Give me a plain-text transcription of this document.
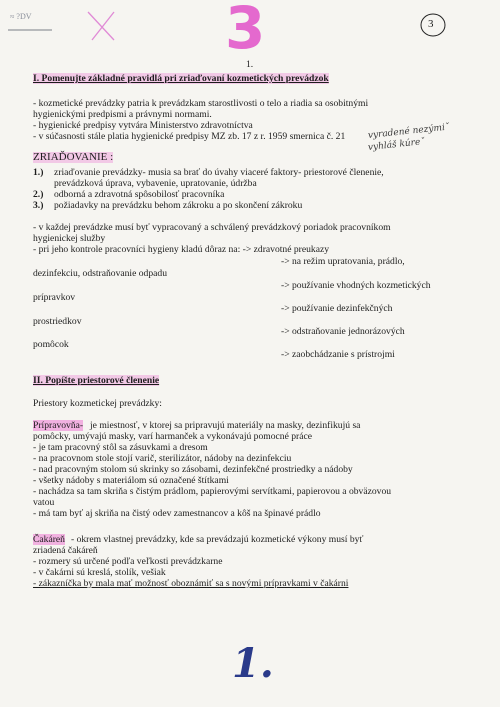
≈ ?DV	3	3
1.
I. Pomenujte základné pravidlá pri zriaďovaní kozmetických prevádzok
- kozmetické prevádzky patria k prevádzkam starostlivosti o telo a riadia sa osobitnými
hygienickými predpismi a právnymi normami.
- hygienické predpisy vytvára Ministerstvo zdravotníctva
- v súčasnosti stále platia hygienické predpisy MZ zb. 17 z r. 1959 smernica č. 21 vyradené nezýmiˇ
vyhláš kúreˇ
ZRIAĎOVANIE :
1.) zriaďovanie prevádzky- musia sa brať do úvahy viaceré faktory- priestorové členenie,
prevádzková úprava, vybavenie, upratovanie, údržba
2.) odborná a zdravotná spôsobilosť pracovníka
3.) požiadavky na prevádzku behom zákroku a po skončení zákroku
- v každej prevádzke musí byť vypracovaný a schválený prevádzkový poriadok pracovníkom
hygienickej služby
- pri jeho kontrole pracovníci hygieny kladú dôraz na: -> zdravotné preukazy
-> na režim upratovania, prádlo,
dezinfekciu, odstraňovanie odpadu
-> používanie vhodných kozmetických
prípravkov
-> používanie dezinfekčných
prostriedkov
-> odstraňovanie jednorázových
pomôcok
-> zaobchádzanie s prístrojmi
II. Popíšte priestorové členenie
Priestory kozmetickej prevádzky:
Prípravovňa- je miestnosť, v ktorej sa pripravujú materiály na masky, dezinfikujú sa
pomôcky, umývajú masky, varí harmanček a vykonávajú pomocné práce
- je tam pracovný stôl sa zásuvkami a dresom
- na pracovnom stole stojí varič, sterilizátor, nádoby na dezinfekciu
- nad pracovným stolom sú skrinky so zásobami, dezinfekčné prostriedky a nádoby
- všetky nádoby s materiálom sú označené štítkami
- nachádza sa tam skriňa s čistým prádlom, papierovými servítkami, papierovou a obväzovou
vatou
- má tam byť aj skriňa na čistý odev zamestnancov a kôš na špinavé prádlo
Čakáreň - okrem vlastnej prevádzky, kde sa prevádzajú kozmetické výkony musí byť
zriadená čakáreň
- rozmery sú určené podľa veľkosti prevádzkarne
- v čakárni sú kreslá, stolík, vešiak
- zákazníčka by mala mať možnosť oboznámiť sa s novými prípravkami v čakárni
1.
